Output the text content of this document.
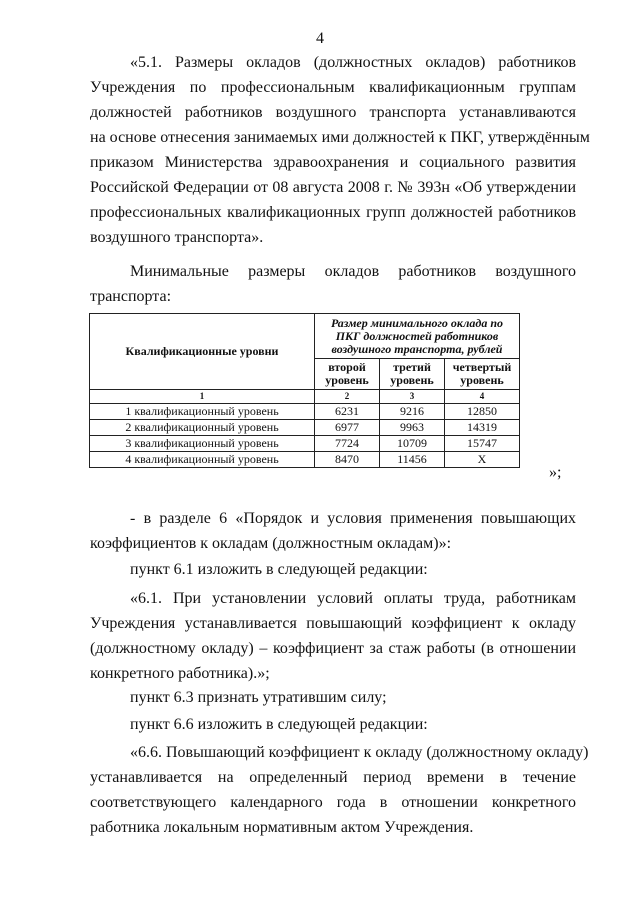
4
«5.1. Размеры окладов (должностных окладов) работников
Учреждения по профессиональным квалификационным группам
должностей работников воздушного транспорта устанавливаются
на основе отнесения занимаемых ими должностей к ПКГ, утверждённым
приказом Министерства здравоохранения и социального развития
Российской Федерации от 08 августа 2008 г. № 393н «Об утверждении
профессиональных квалификационных групп должностей работников
воздушного транспорта».
Минимальные размеры окладов работников воздушного
транспорта:
Квалификационные уровни	Размер минимального оклада по ПКГ должностей работников воздушного транспорта, рублей		
	второй уровень	третий уровень	четвертый уровень
1	2	3	4
1 квалификационный уровень	6231	9216	12850
2 квалификационный уровень	6977	9963	14319
3 квалификационный уровень	7724	10709	15747
4 квалификационный уровень	8470	11456	Х
»;
- в разделе 6 «Порядок и условия применения повышающих
коэффициентов к окладам (должностным окладам)»:
пункт 6.1 изложить в следующей редакции:
«6.1. При установлении условий оплаты труда, работникам
Учреждения устанавливается повышающий коэффициент к окладу
(должностному окладу) – коэффициент за стаж работы (в отношении
конкретного работника).»;
пункт 6.3 признать утратившим силу;
пункт 6.6 изложить в следующей редакции:
«6.6. Повышающий коэффициент к окладу (должностному окладу)
устанавливается на определенный период времени в течение
соответствующего календарного года в отношении конкретного
работника локальным нормативным актом Учреждения.
